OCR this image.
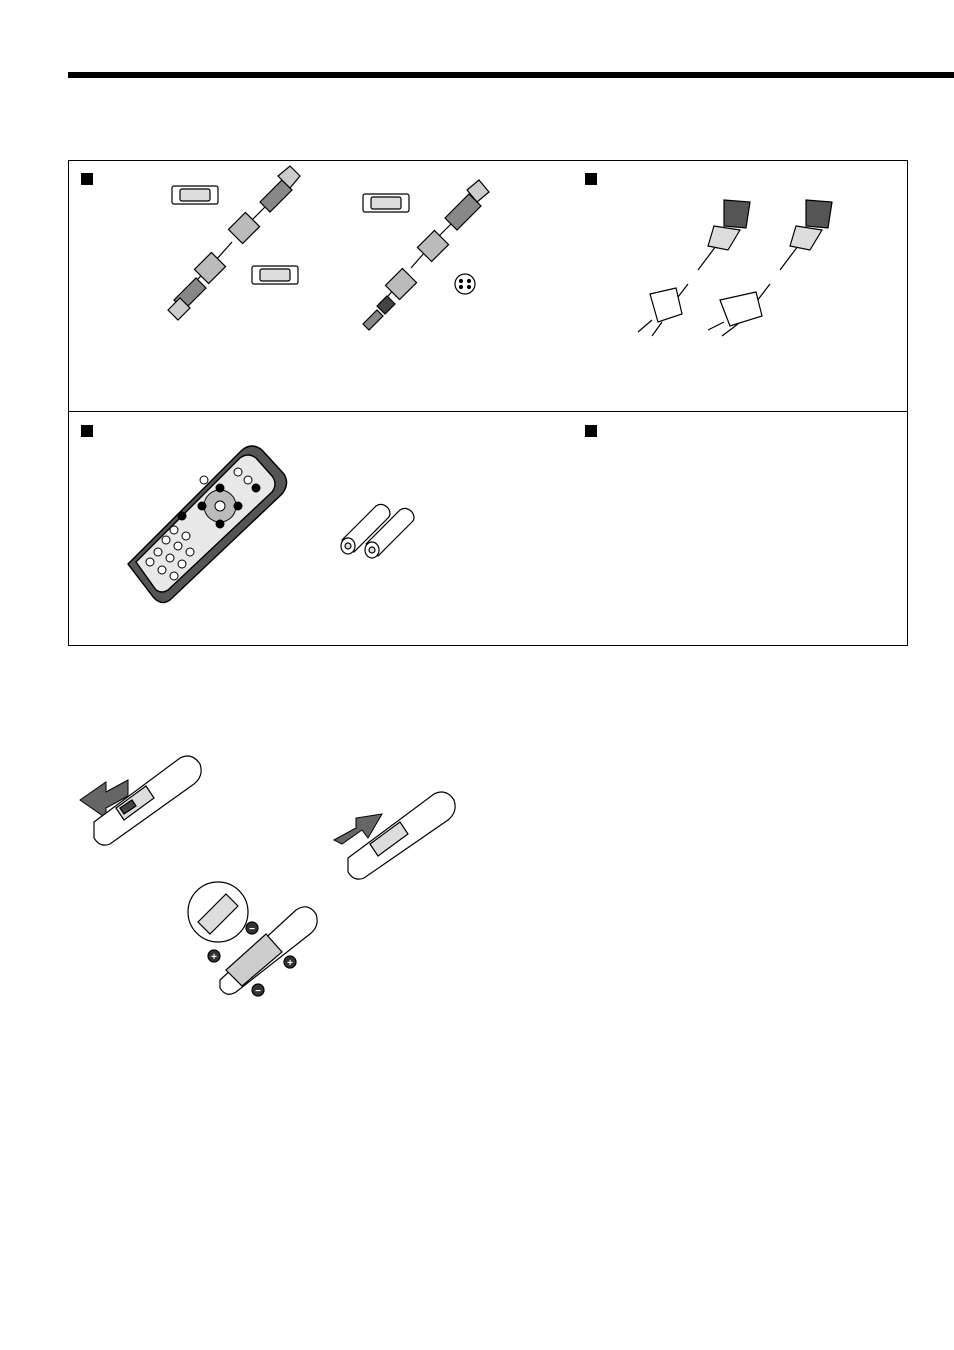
−
+
+
−
